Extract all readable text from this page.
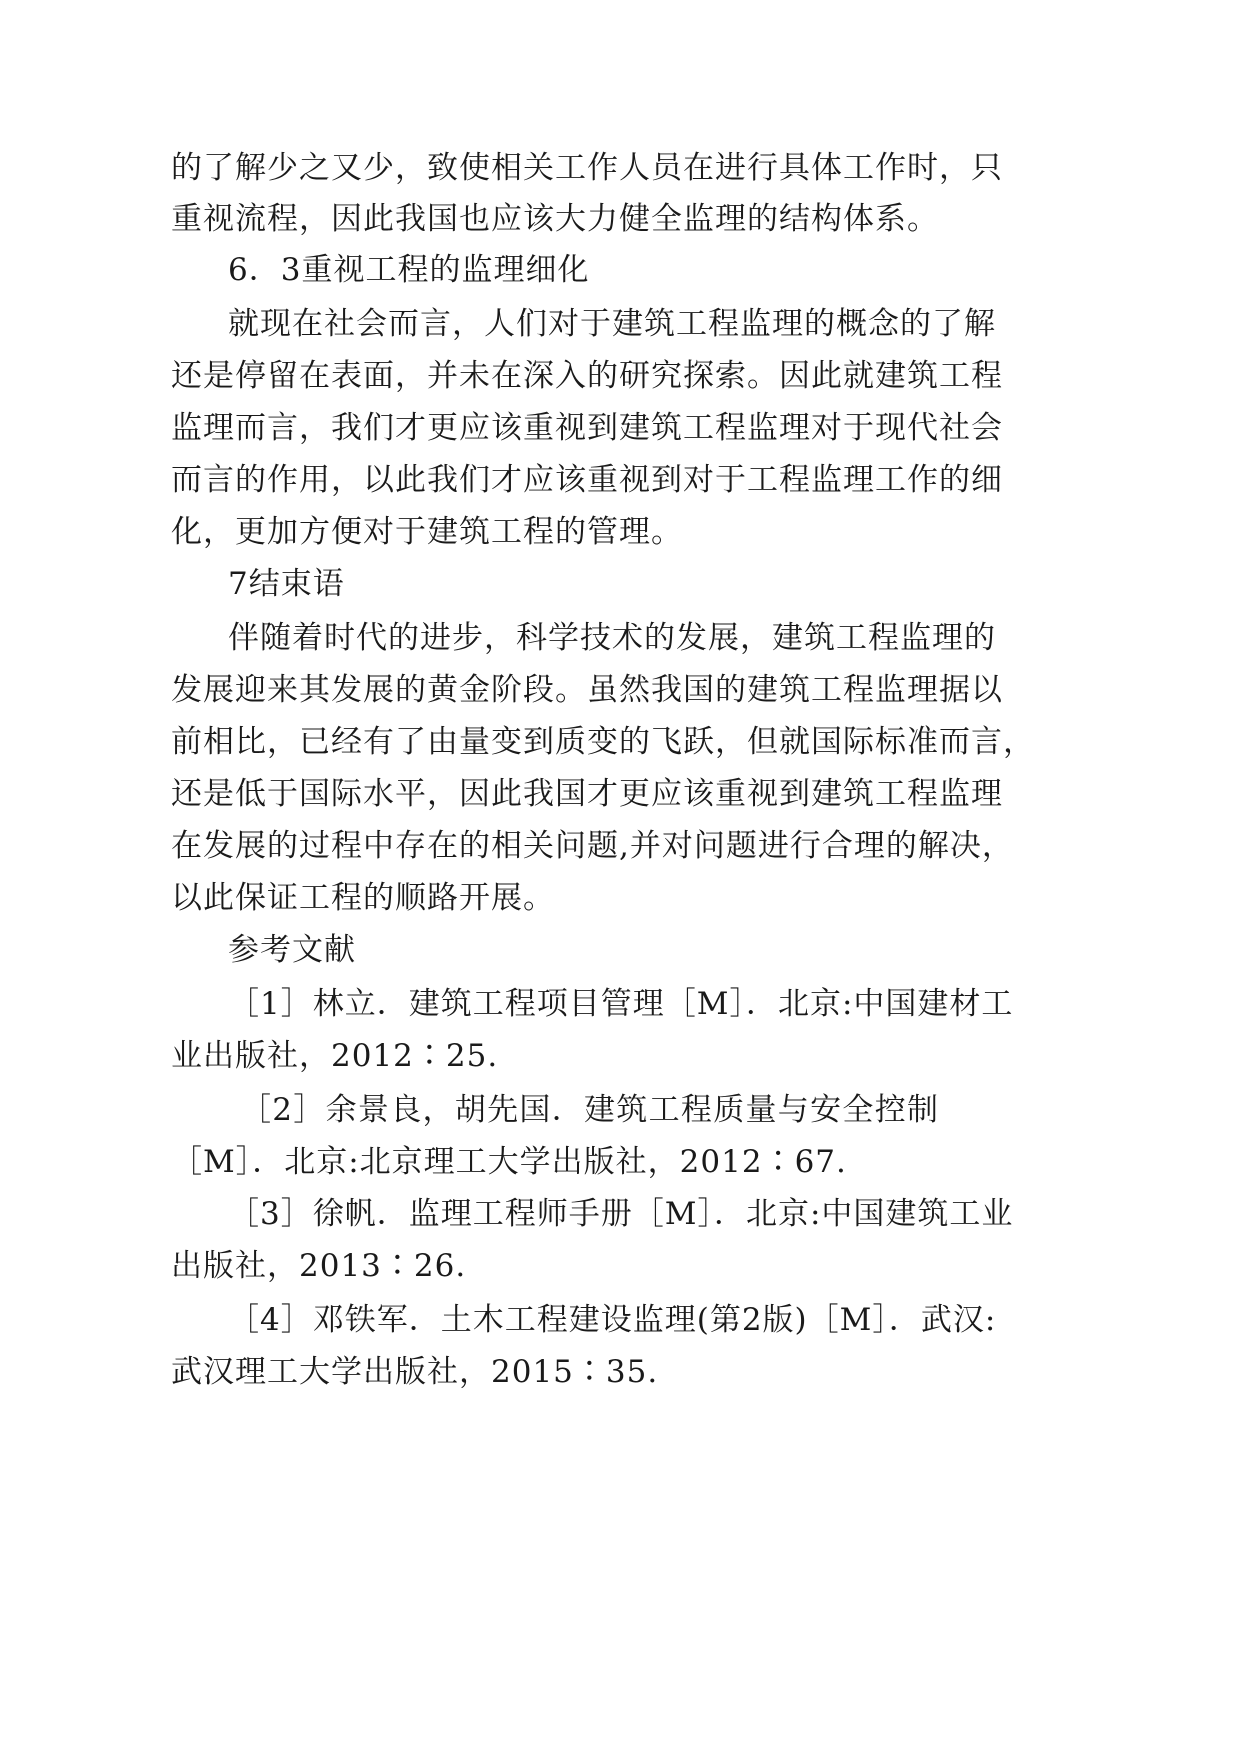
的了解少之又少，致使相关工作人员在进行具体工作时，只
重视流程，因此我国也应该大力健全监理的结构体系。
6．3重视工程的监理细化
就现在社会而言，人们对于建筑工程监理的概念的了解
还是停留在表面，并未在深入的研究探索。因此就建筑工程
监理而言，我们才更应该重视到建筑工程监理对于现代社会
而言的作用，以此我们才应该重视到对于工程监理工作的细
化，更加方便对于建筑工程的管理。
7结束语
伴随着时代的进步，科学技术的发展，建筑工程监理的
发展迎来其发展的黄金阶段。虽然我国的建筑工程监理据以
前相比，已经有了由量变到质变的飞跃，但就国际标准而言，
还是低于国际水平，因此我国才更应该重视到建筑工程监理
在发展的过程中存在的相关问题,并对问题进行合理的解决，
以此保证工程的顺路开展。
参考文献
［1］林立．建筑工程项目管理［M］．北京:中国建材工
业出版社，2012∶25.
［2］余景良，胡先国．建筑工程质量与安全控制
［M］．北京:北京理工大学出版社，2012∶67.
［3］徐帆．监理工程师手册［M］．北京:中国建筑工业
出版社，2013∶26.
［4］邓铁军．土木工程建设监理(第2版)［M］．武汉:
武汉理工大学出版社，2015∶35.
